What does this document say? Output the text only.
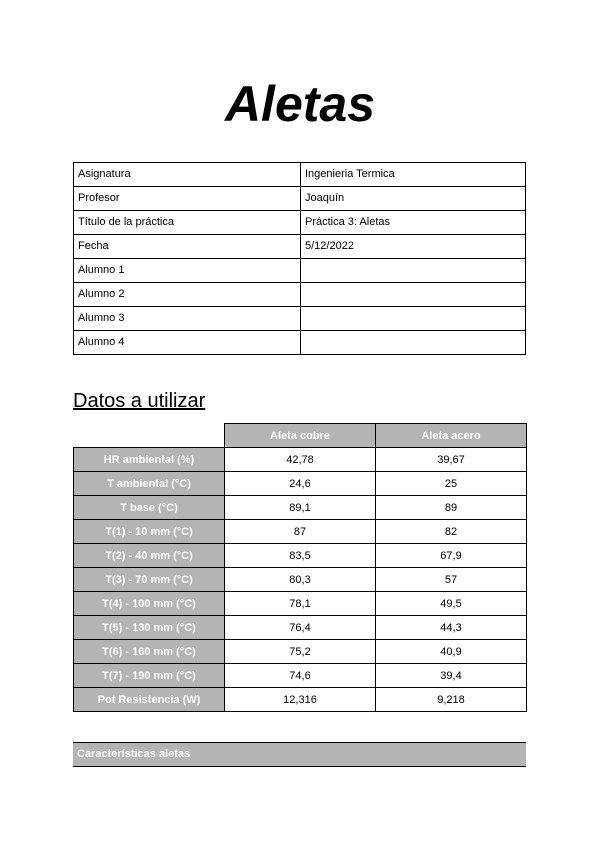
Aletas
Asignatura	Ingenieria Termica
Profesor	Joaquín
Título de la práctica	Práctica 3: Aletas
Fecha	5/12/2022
Alumno 1	
Alumno 2	
Alumno 3	
Alumno 4	
Datos a utilizar
	Aleta cobre	Aleta acero
HR ambiental (%)	42,78	39,67
T ambiental (°C)	24,6	25
T base (°C)	89,1	89
T(1) - 10 mm (°C)	87	82
T(2) - 40 mm (°C)	83,5	67,9
T(3) - 70 mm (°C)	80,3	57
T(4) - 100 mm (°C)	78,1	49,5
T(5) - 130 mm (°C)	76,4	44,3
T(6) - 160 mm (°C)	75,2	40,9
T(7) - 190 mm (°C)	74,6	39,4
Pot Resistencia (W)	12,316	9,218
Características aletas
